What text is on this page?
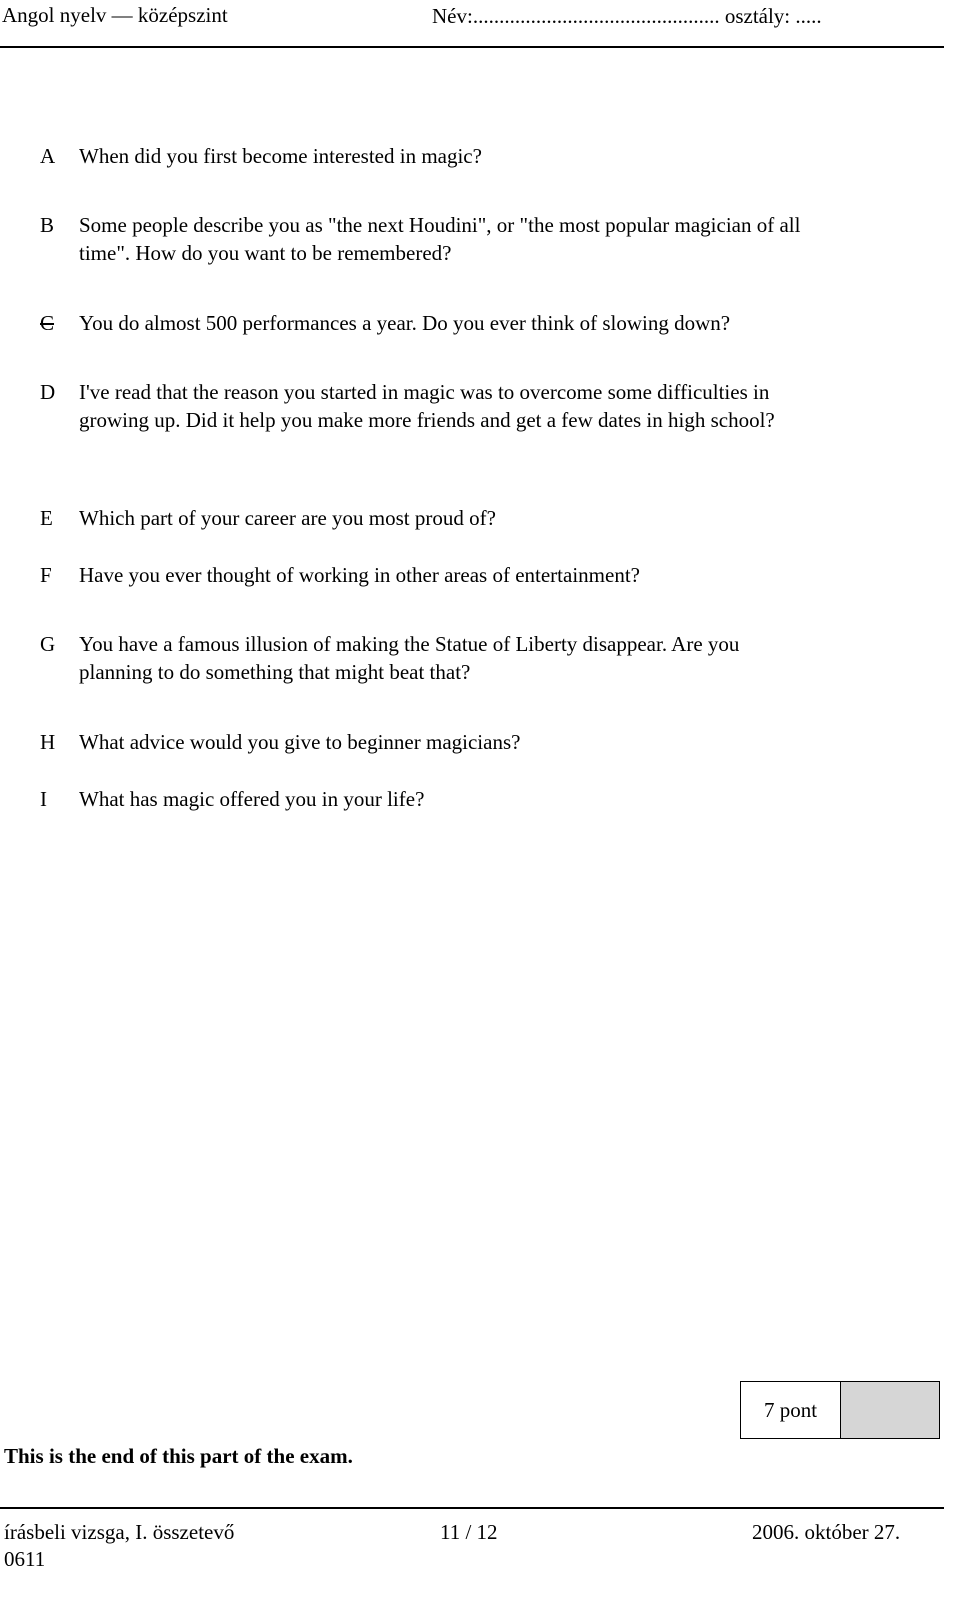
Angol nyelv — középszint	Név:............................................... osztály: .....
A	When did you first become interested in magic?
B	Some people describe you as "the next Houdini", or "the most popular magician of all time". How do you want to be remembered?
C	You do almost 500 performances a year. Do you ever think of slowing down?
D	I've read that the reason you started in magic was to overcome some difficulties in growing up. Did it help you make more friends and get a few dates in high school?
E	Which part of your career are you most proud of?
F	Have you ever thought of working in other areas of entertainment?
G	You have a famous illusion of making the Statue of Liberty disappear. Are you planning to do something that might beat that?
H	What advice would you give to beginner magicians?
I	What has magic offered you in your life?
7 pont
This is the end of this part of the exam.
írásbeli vizsga, I. összetevő	11 / 12	2006. október 27.
0611
